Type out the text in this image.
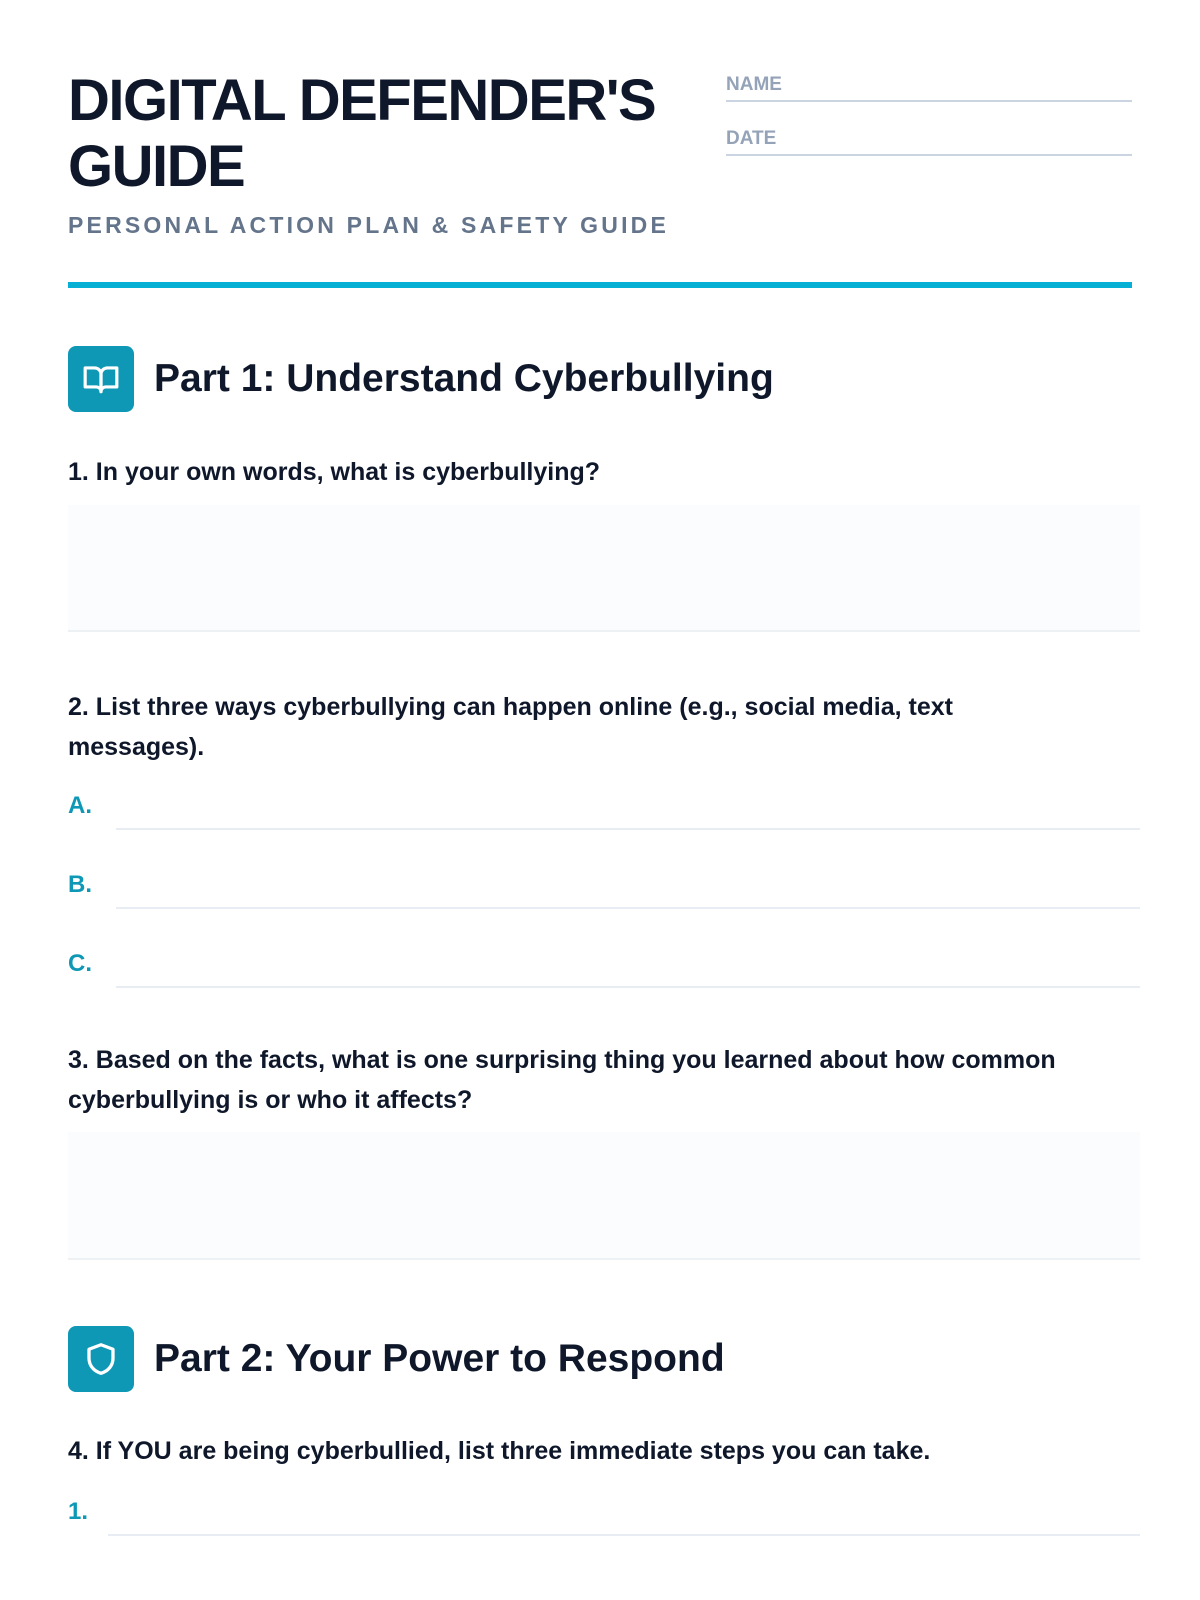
DIGITAL DEFENDER'S GUIDE
PERSONAL ACTION PLAN & SAFETY GUIDE
NAME
DATE
Part 1: Understand Cyberbullying
1. In your own words, what is cyberbullying?
2. List three ways cyberbullying can happen online (e.g., social media, text messages).
A.
B.
C.
3. Based on the facts, what is one surprising thing you learned about how common cyberbullying is or who it affects?
Part 2: Your Power to Respond
4. If YOU are being cyberbullied, list three immediate steps you can take.
1.
